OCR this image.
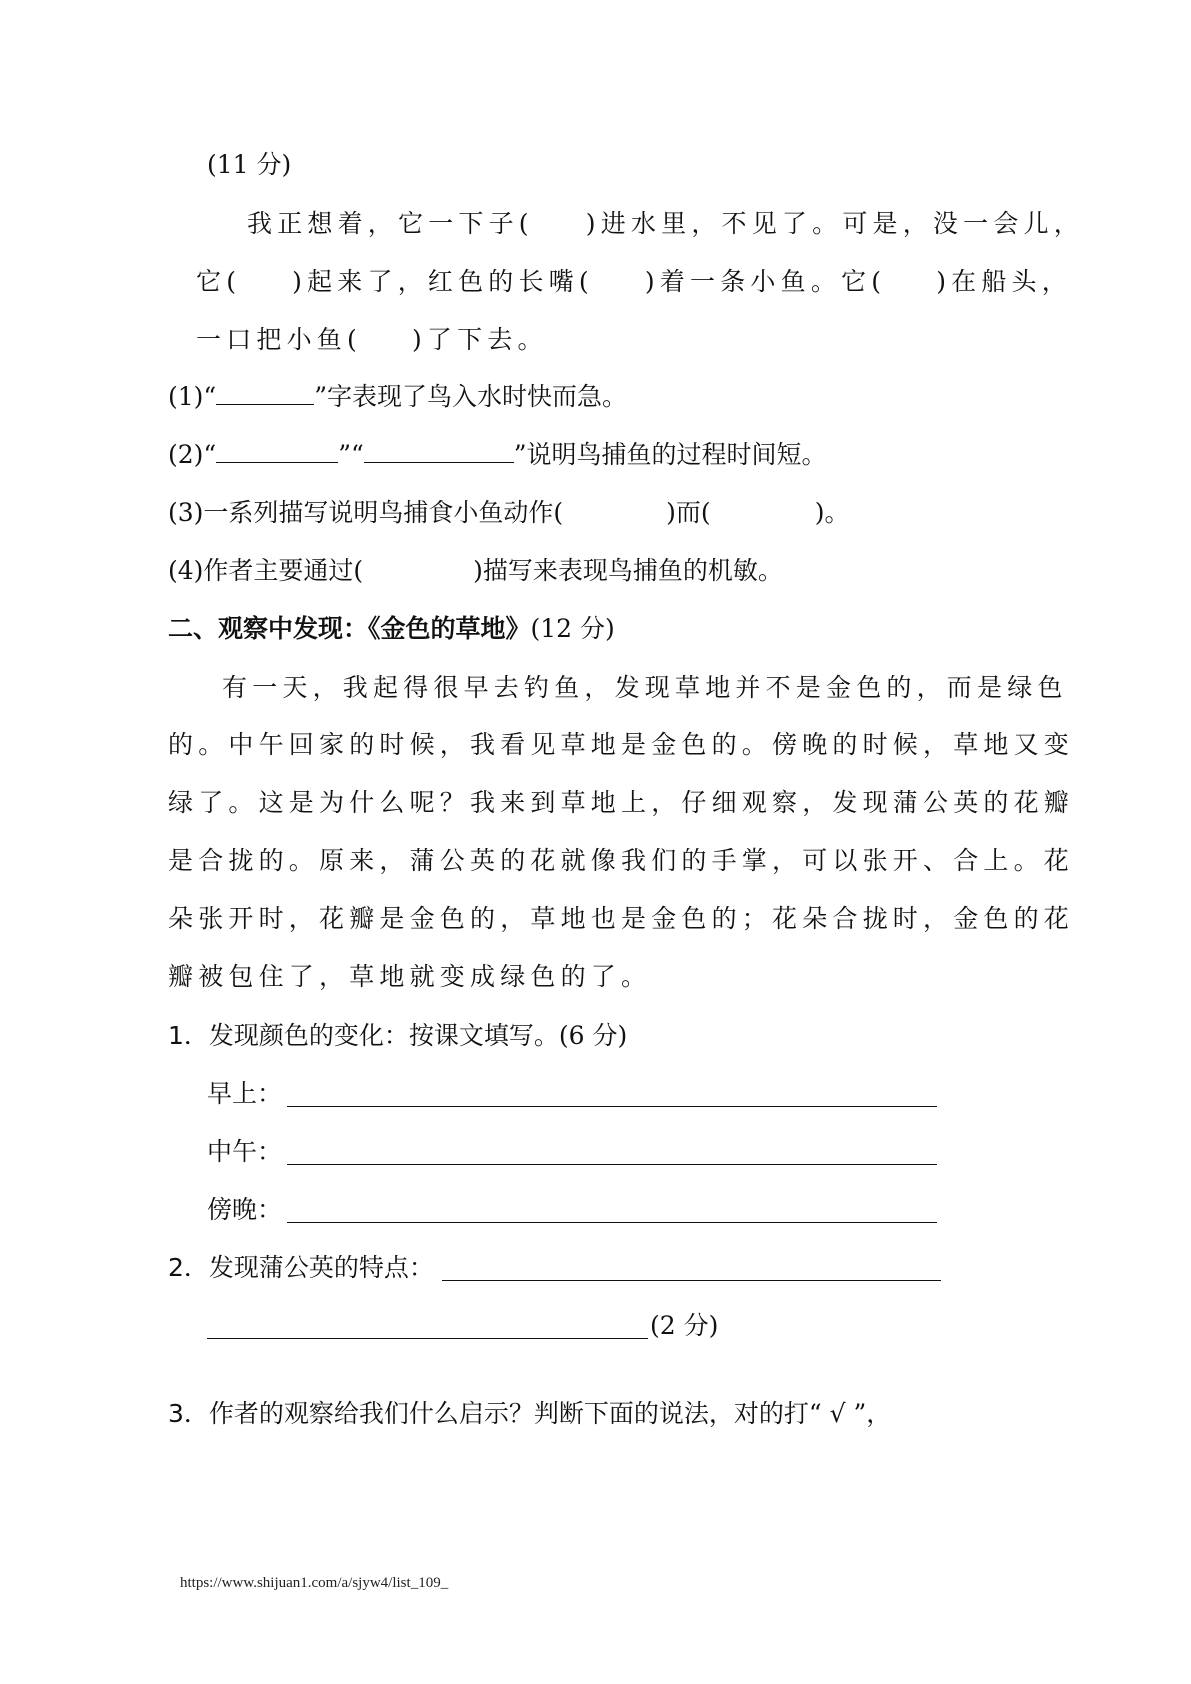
(11 分)
我正想着，它一下子( )进水里，不见了。可是，没一会儿，
它( )起来了，红色的长嘴( )着一条小鱼。它( )在船头，
一口把小鱼( )了下去。
(1)“	”字表现了鸟入水时快而急。
(2)“	”“	”说明鸟捕鱼的过程时间短。
(3)一系列描写说明鸟捕食小鱼动作(	)而(	)。
(4)作者主要通过(	)描写来表现鸟捕鱼的机敏。
二、观察中发现：《金色的草地》(12 分)
有一天，我起得很早去钓鱼，发现草地并不是金色的，而是绿色
的。中午回家的时候，我看见草地是金色的。傍晚的时候，草地又变
绿了。这是为什么呢？我来到草地上，仔细观察，发现蒲公英的花瓣
是合拢的。原来，蒲公英的花就像我们的手掌，可以张开、合上。花
朵张开时，花瓣是金色的，草地也是金色的；花朵合拢时，金色的花
瓣被包住了，草地就变成绿色的了。
1．发现颜色的变化：按课文填写。(6 分)
早上：
中午：
傍晚：
2．发现蒲公英的特点：
(2 分)
3．作者的观察给我们什么启示？判断下面的说法，对的打“ √ ”，
https://www.shijuan1.com/a/sjyw4/list_109_
